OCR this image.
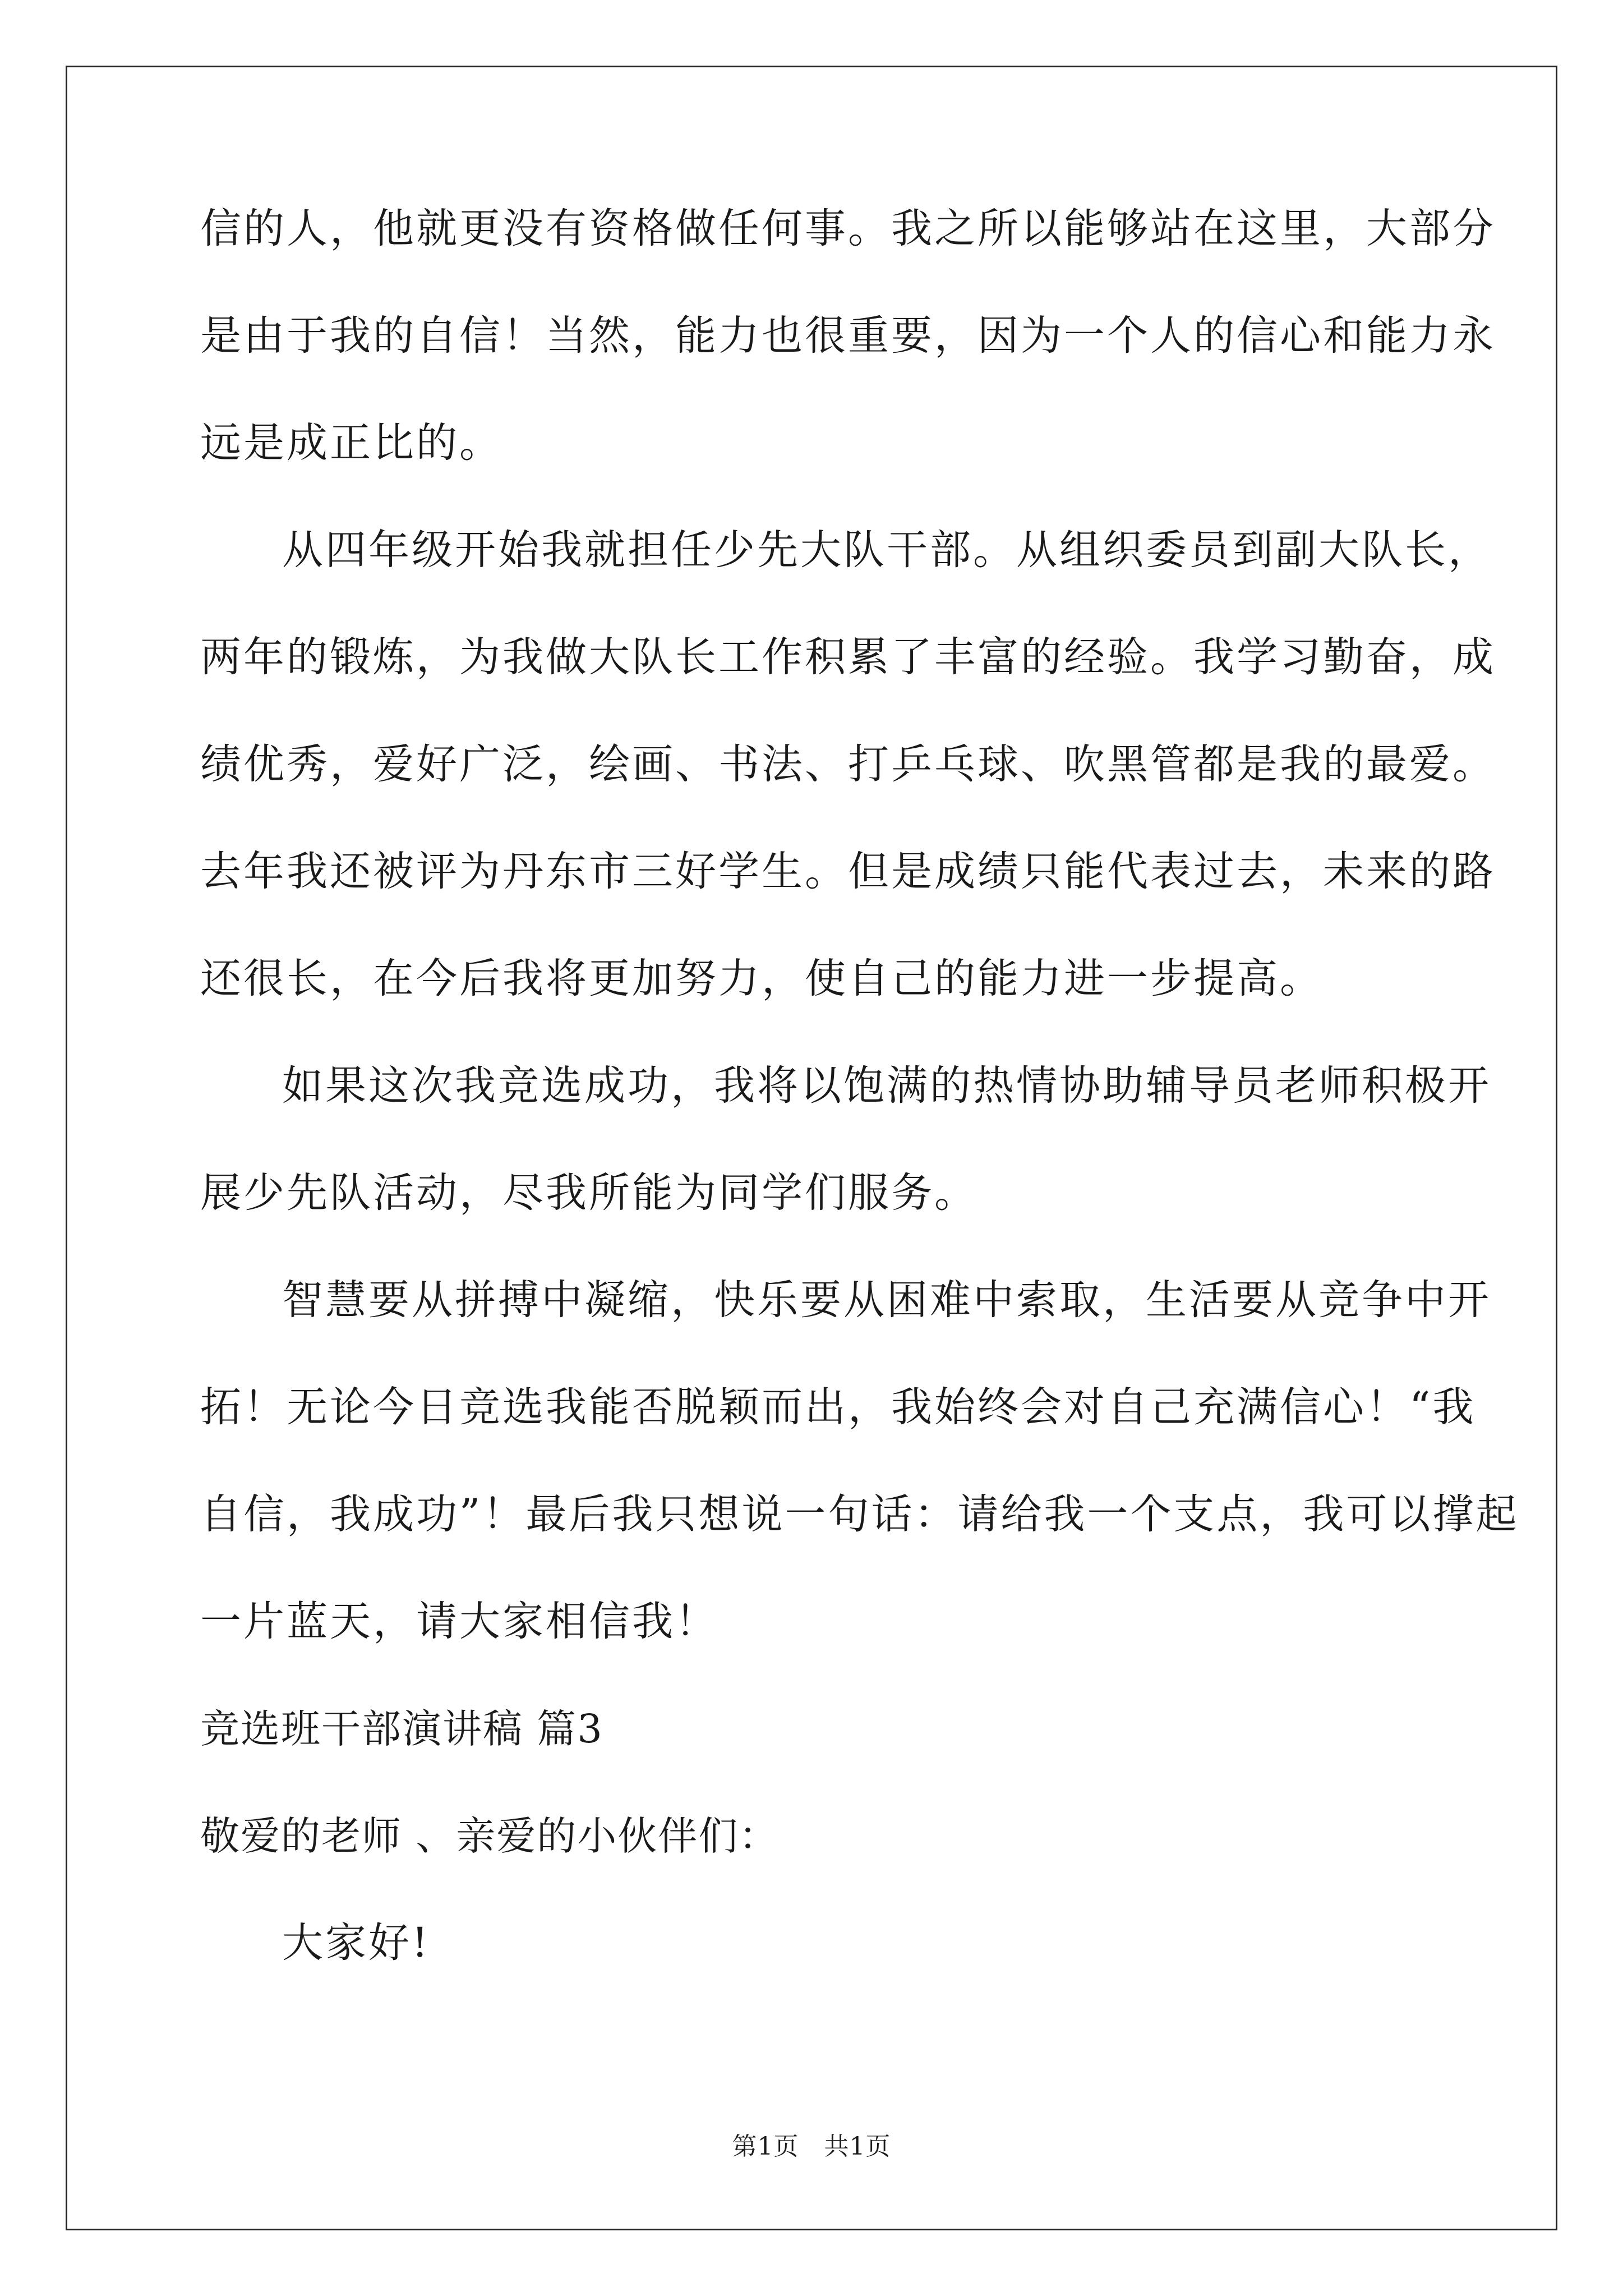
信的人，他就更没有资格做任何事。我之所以能够站在这里，大部分
是由于我的自信！当然，能力也很重要，因为一个人的信心和能力永
远是成正比的。
从四年级开始我就担任少先大队干部。从组织委员到副大队长，
两年的锻炼，为我做大队长工作积累了丰富的经验。我学习勤奋，成
绩优秀，爱好广泛，绘画、书法、打乒乓球、吹黑管都是我的最爱。
去年我还被评为丹东市三好学生。但是成绩只能代表过去，未来的路
还很长，在今后我将更加努力，使自己的能力进一步提高。
如果这次我竞选成功，我将以饱满的热情协助辅导员老师积极开
展少先队活动，尽我所能为同学们服务。
智慧要从拼搏中凝缩，快乐要从困难中索取，生活要从竞争中开
拓！无论今日竞选我能否脱颖而出，我始终会对自己充满信心！“我
自信，我成功”！最后我只想说一句话：请给我一个支点，我可以撑起
一片蓝天，请大家相信我！
竞选班干部演讲稿 篇3
敬爱的老师 、亲爱的小伙伴们：
大家好!
第1页 共1页
